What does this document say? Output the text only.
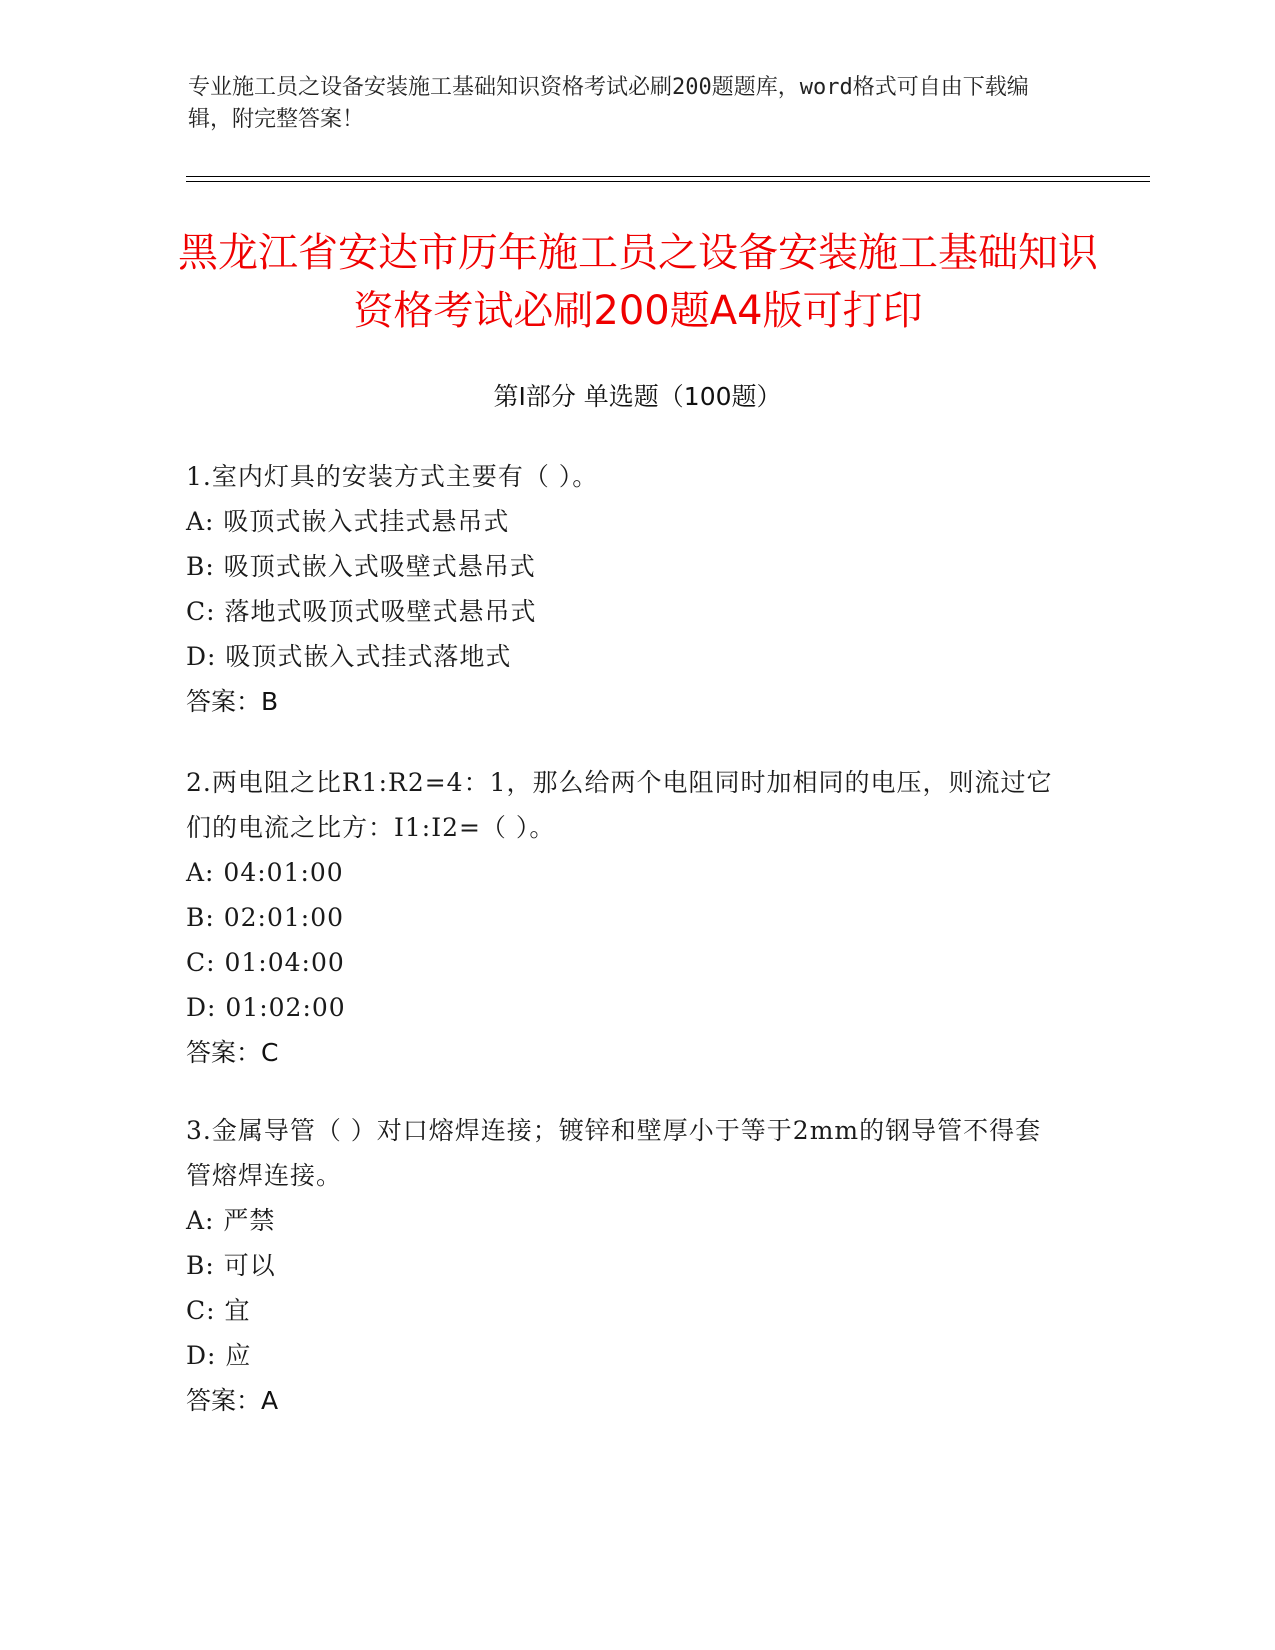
专业施工员之设备安装施工基础知识资格考试必刷200题题库，word格式可自由下载编辑，附完整答案！
黑龙江省安达市历年施工员之设备安装施工基础知识资格考试必刷200题A4版可打印
第Ⅰ部分 单选题（100题）
1.室内灯具的安装方式主要有（ ）。
A: 吸顶式嵌入式挂式悬吊式
B: 吸顶式嵌入式吸壁式悬吊式
C: 落地式吸顶式吸壁式悬吊式
D: 吸顶式嵌入式挂式落地式
答案：B
2.两电阻之比R1:R2=4：1，那么给两个电阻同时加相同的电压，则流过它们的电流之比方：I1:I2=（ ）。
A: 04:01:00
B: 02:01:00
C: 01:04:00
D: 01:02:00
答案：C
3.金属导管（ ）对口熔焊连接；镀锌和壁厚小于等于2mm的钢导管不得套管熔焊连接。
A: 严禁
B: 可以
C: 宜
D: 应
答案：A
